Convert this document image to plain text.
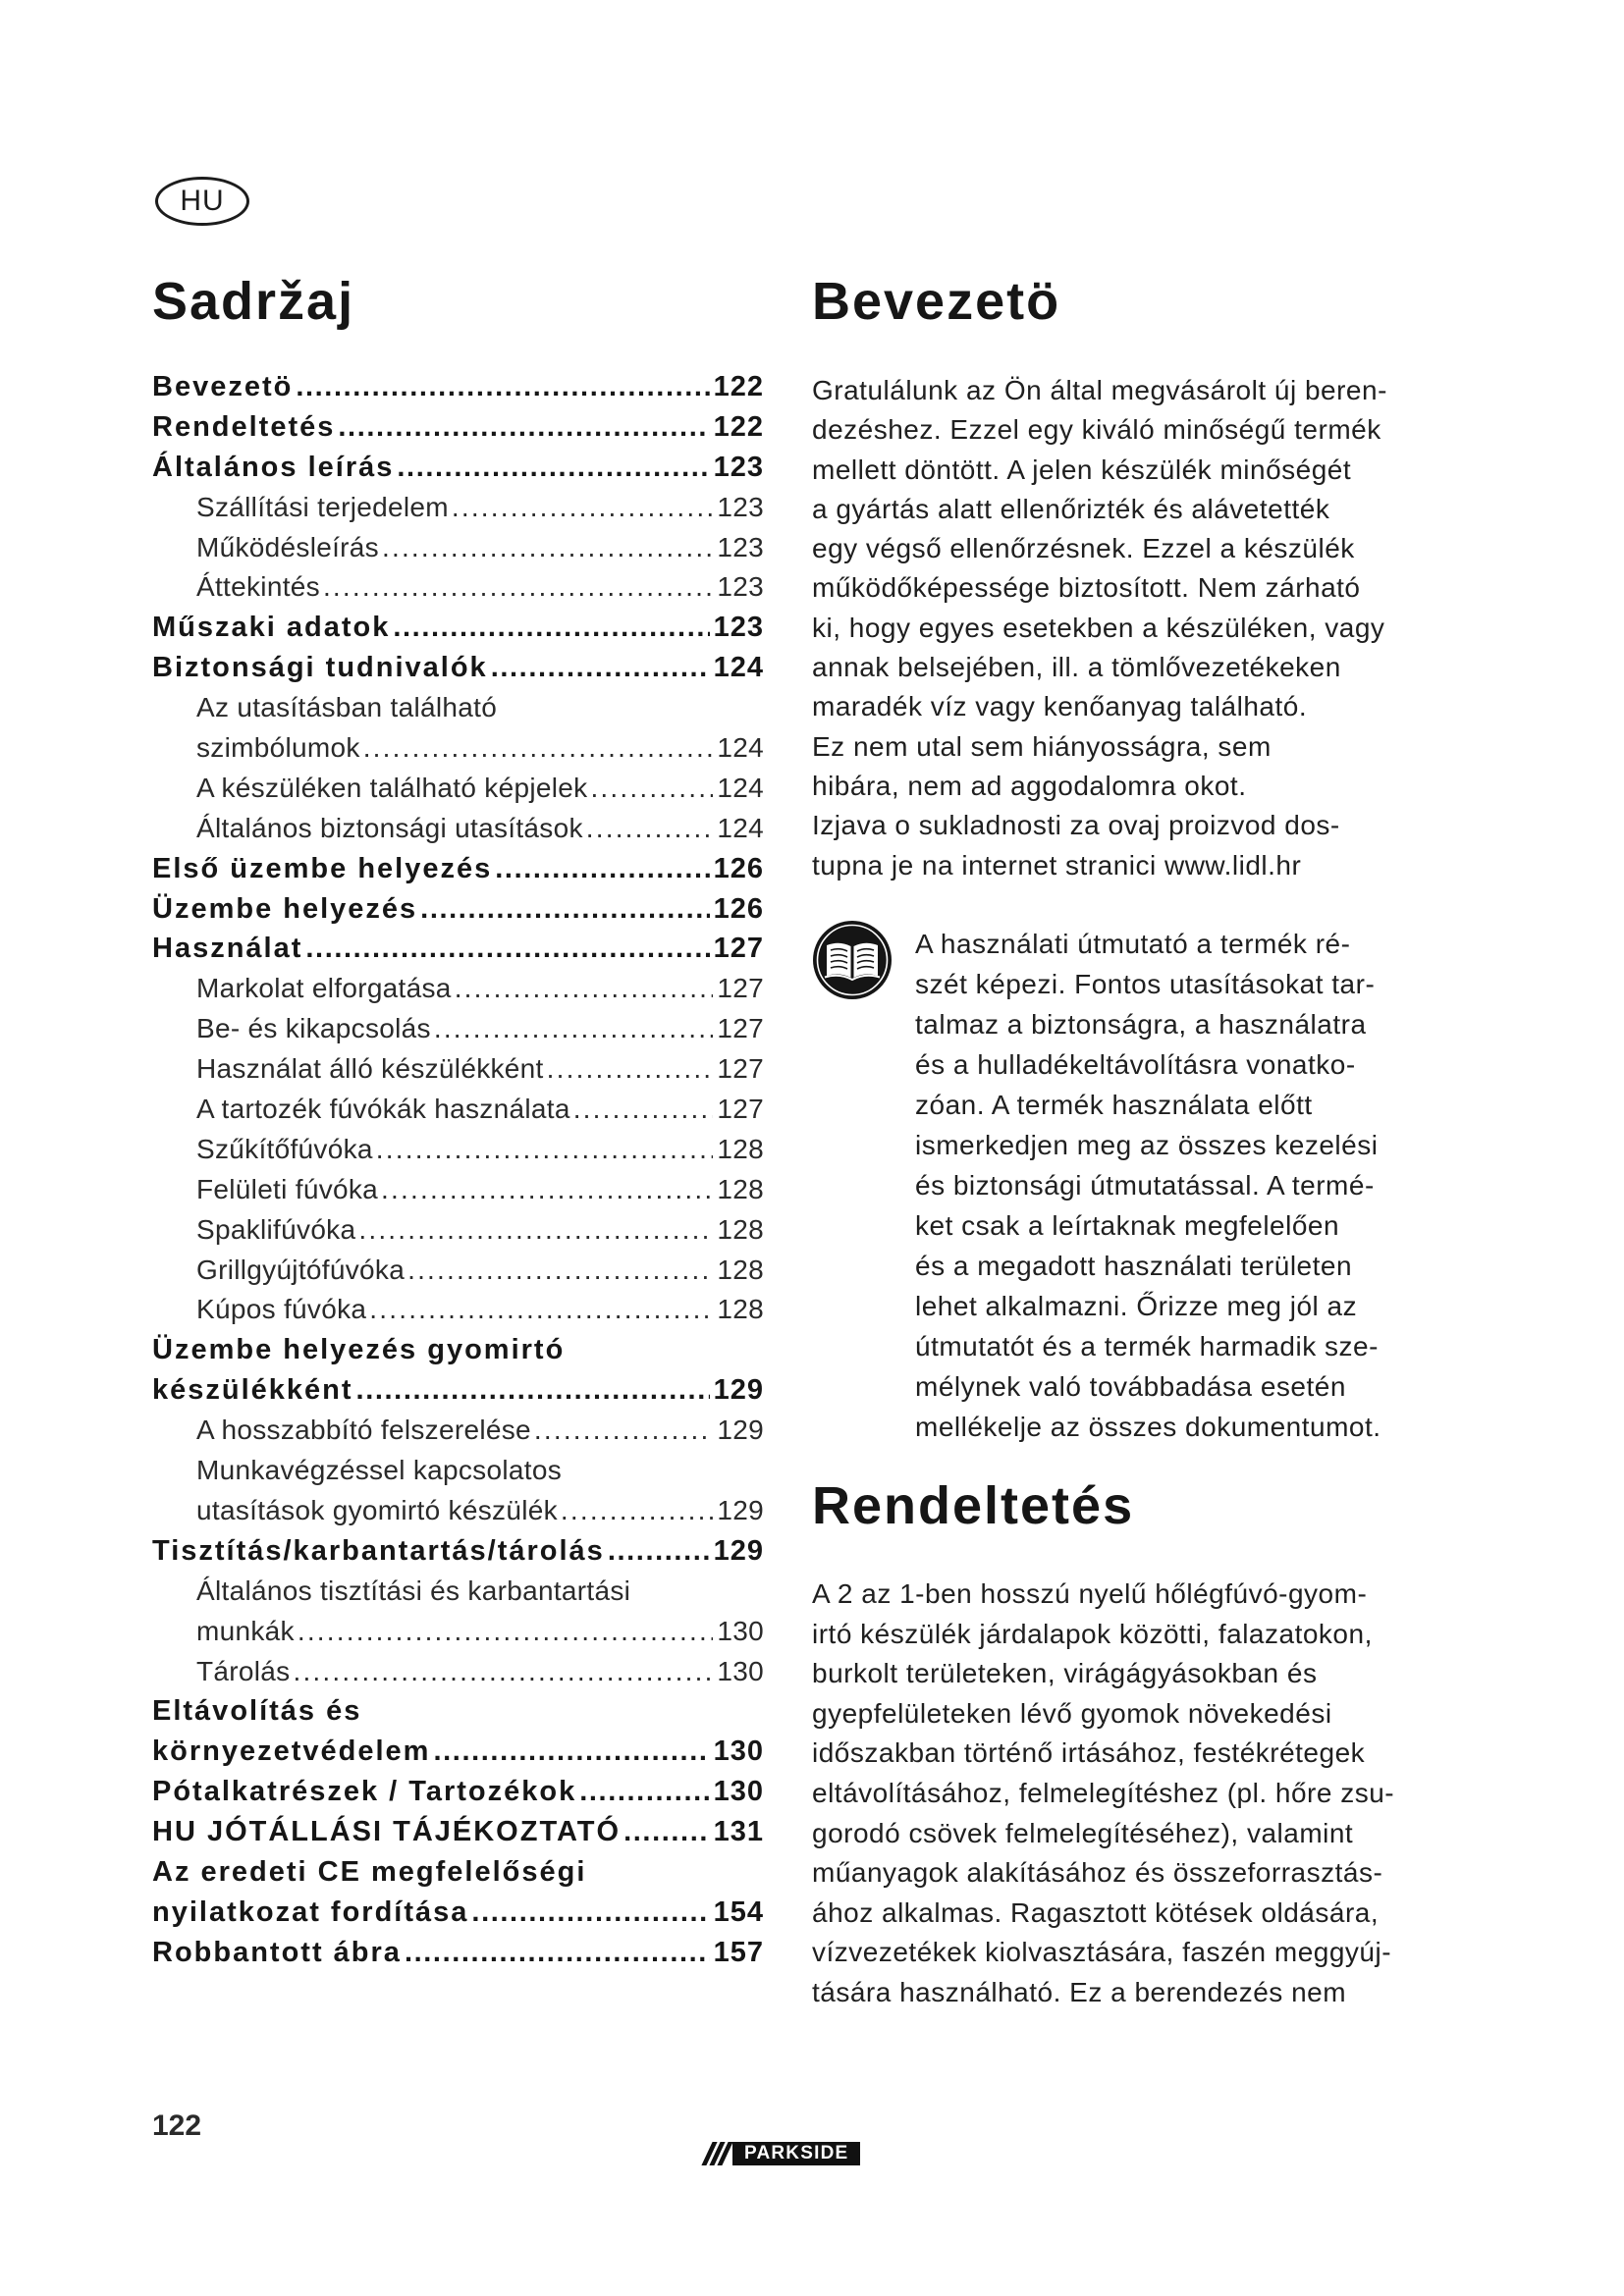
HU
Sadržaj
Bevezetö .....	122
Rendeltetés .....	122
Általános leírás .....	123
Szállítási terjedelem .....	123
Működésleírás .....	123
Áttekintés .....	123
Műszaki adatok .....	123
Biztonsági tudnivalók .....	124
Az utasításban található
szimbólumok .....	124
A készüléken található képjelek .....	124
Általános biztonsági utasítások .....	124
Első üzembe helyezés .....	126
Üzembe helyezés .....	126
Használat .....	127
Markolat elforgatása .....	127
Be- és kikapcsolás .....	127
Használat álló készülékként .....	127
A tartozék fúvókák használata .....	127
Szűkítőfúvóka .....	128
Felületi fúvóka .....	128
Spaklifúvóka .....	128
Grillgyújtófúvóka .....	128
Kúpos fúvóka .....	128
Üzembe helyezés gyomirtó
készülékként .....	129
A hosszabbító felszerelése .....	129
Munkavégzéssel kapcsolatos
utasítások gyomirtó készülék .....	129
Tisztítás/karbantartás/tárolás .....	129
Általános tisztítási és karbantartási
munkák .....	130
Tárolás .....	130
Eltávolítás és
környezetvédelem .....	130
Pótalkatrészek / Tartozékok .....	130
HU JÓTÁLLÁSI TÁJÉKOZTATÓ .....	131
Az eredeti CE megfelelőségi
nyilatkozat fordítása .....	154
Robbantott ábra .....	157
Bevezetö
Gratulálunk az Ön által megvásárolt új beren-
dezéshez. Ezzel egy kiváló minőségű termék
mellett döntött. A jelen készülék minőségét
a gyártás alatt ellenőrizték és alávetették
egy végső ellenőrzésnek. Ezzel a készülék
működőképessége biztosított. Nem zárható
ki, hogy egyes esetekben a készüléken, vagy
annak belsejében, ill. a tömlővezetékeken
maradék víz vagy kenőanyag található.
Ez nem utal sem hiányosságra, sem
hibára, nem ad aggodalomra okot.
Izjava o sukladnosti za ovaj proizvod dos-
tupna je na internet stranici www.lidl.hr
A használati útmutató a termék ré-
szét képezi. Fontos utasításokat tar-
talmaz a biztonságra, a használatra
és a hulladékeltávolításra vonatko-
zóan. A termék használata előtt
ismerkedjen meg az összes kezelési
és biztonsági útmutatással. A termé-
ket csak a leírtaknak megfelelően
és a megadott használati területen
lehet alkalmazni. Őrizze meg jól az
útmutatót és a termék harmadik sze-
mélynek való továbbadása esetén
mellékelje az összes dokumentumot.
Rendeltetés
A 2 az 1-ben hosszú nyelű hőlégfúvó-gyom-
irtó készülék járdalapok közötti, falazatokon,
burkolt területeken, virágágyásokban és
gyepfelületeken lévő gyomok növekedési
időszakban történő irtásához, festékrétegek
eltávolításához, felmelegítéshez (pl. hőre zsu-
gorodó csövek felmelegítéséhez), valamint
műanyagok alakításához és összeforrasztás-
ához alkalmas. Ragasztott kötések oldására,
vízvezetékek kiolvasztására, faszén meggyúj-
tására használható. Ez a berendezés nem
122
PARKSIDE
